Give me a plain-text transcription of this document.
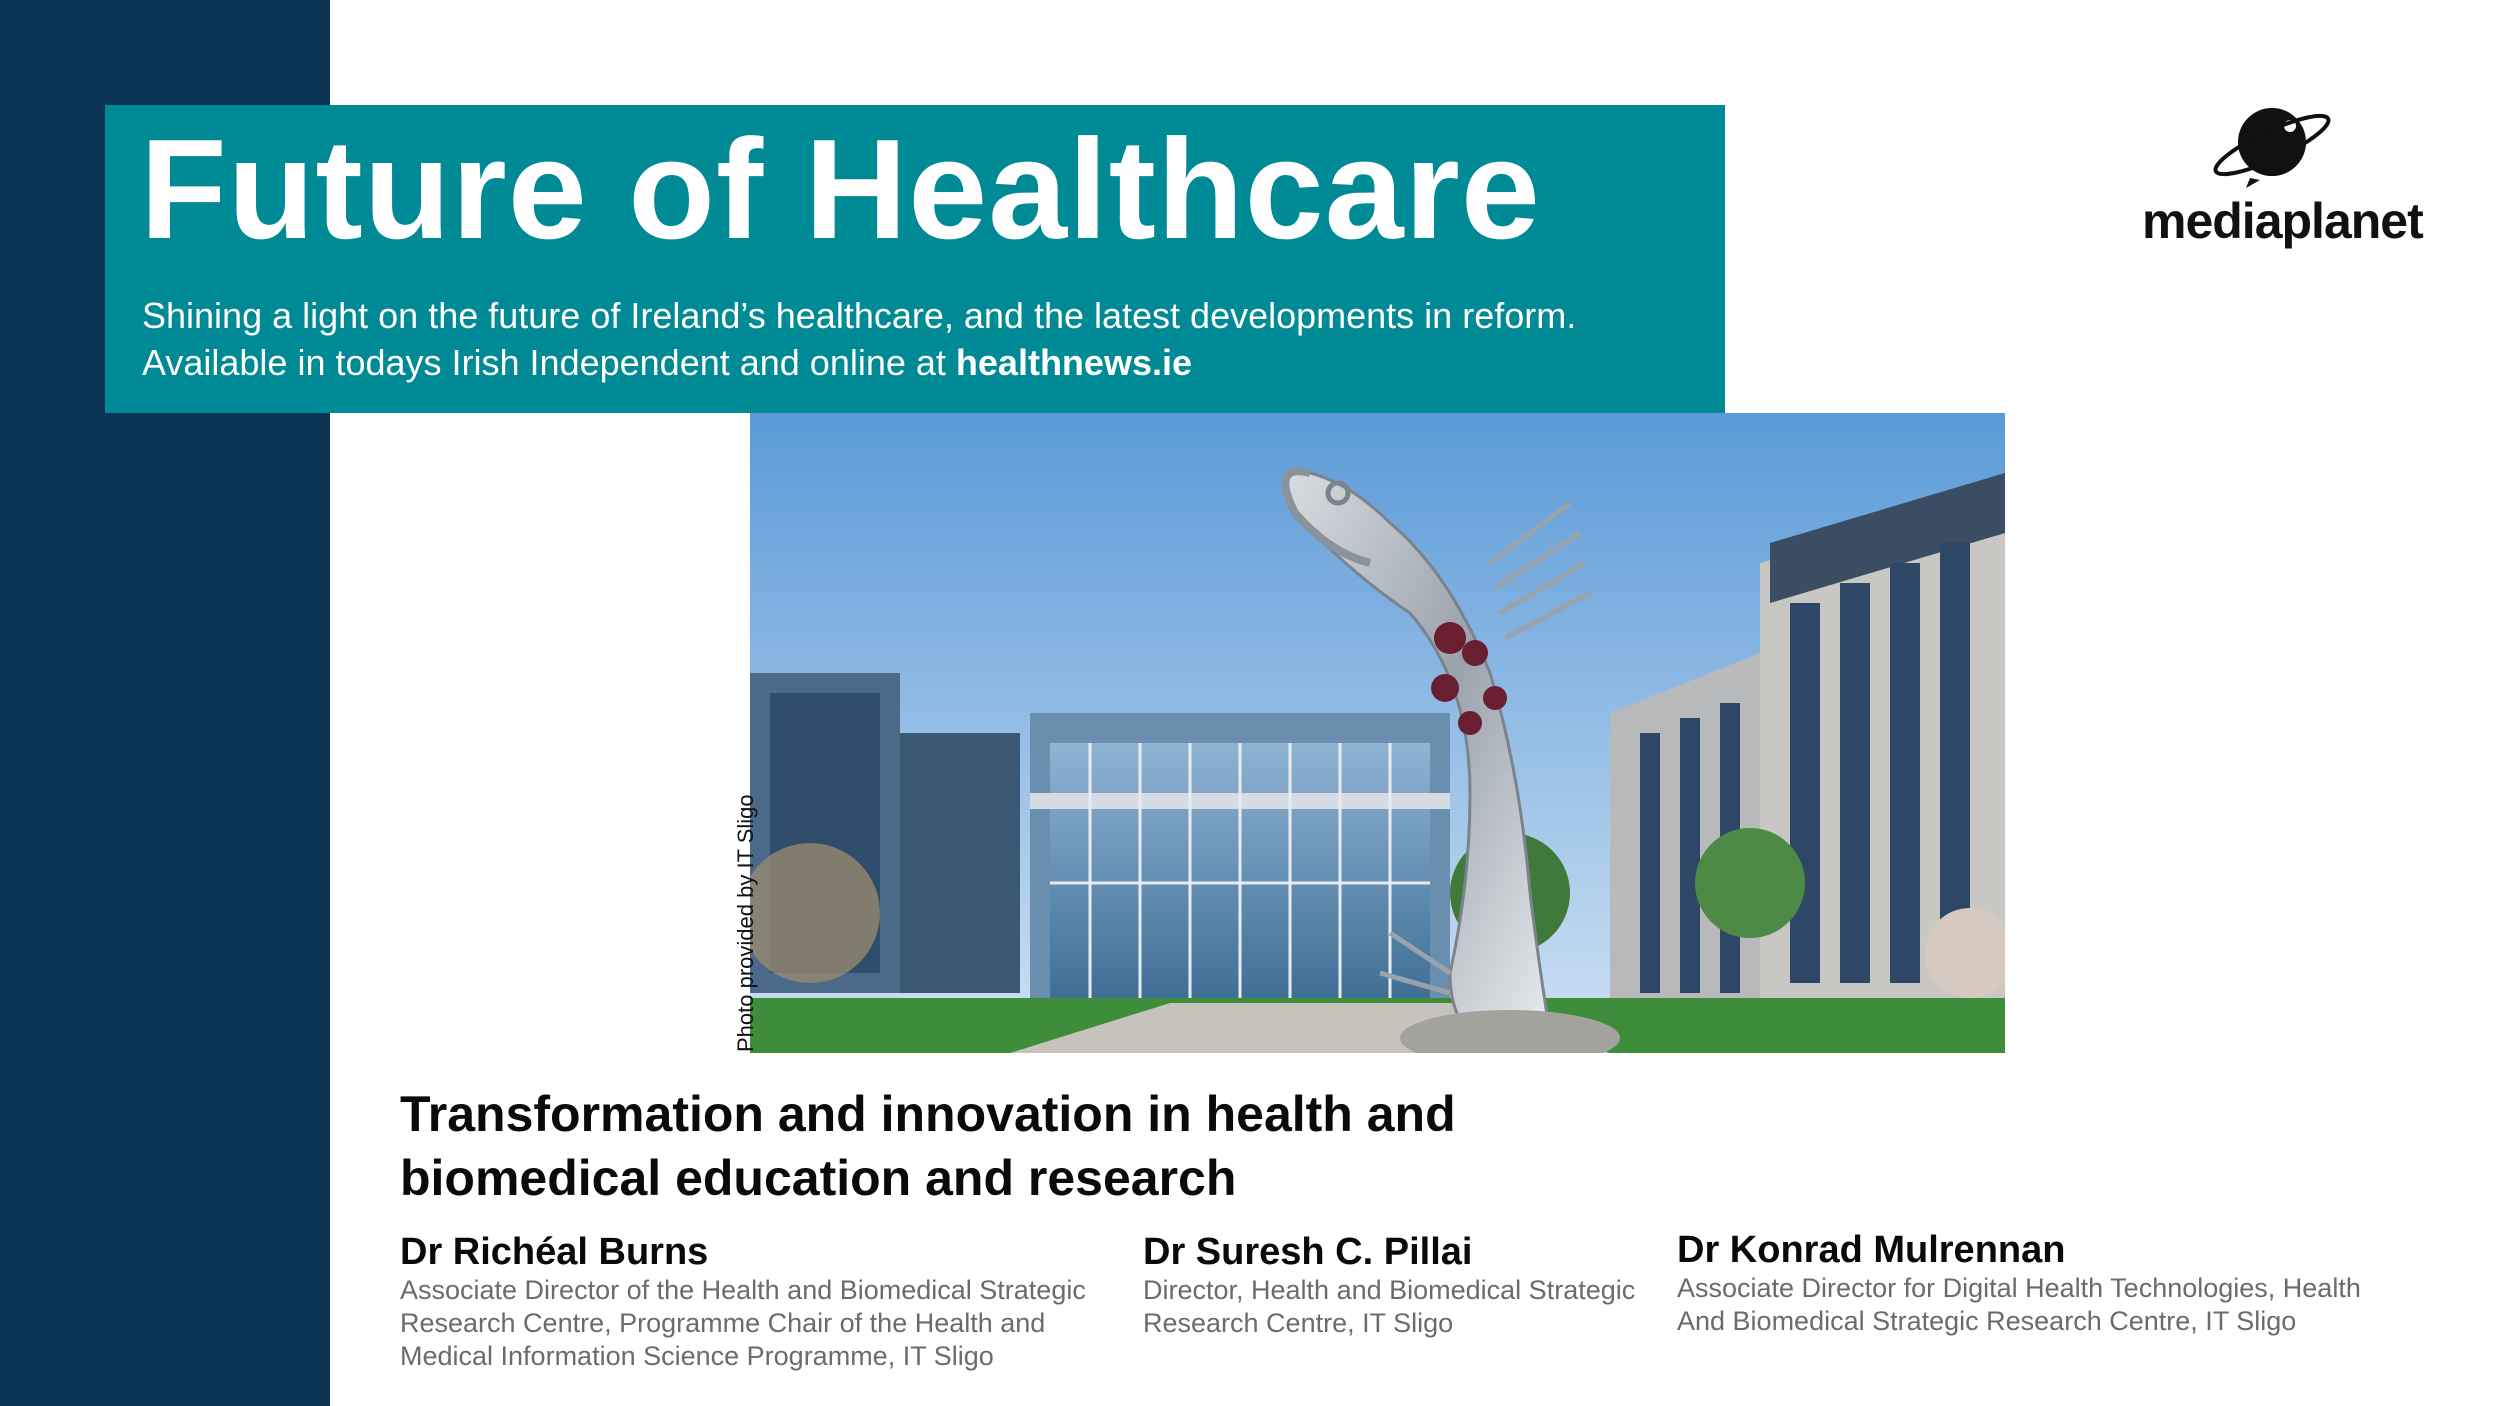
Future of Healthcare
Shining a light on the future of Ireland’s healthcare, and the latest developments in reform.
Available in todays Irish Independent and online at healthnews.ie
mediaplanet
Photo provided by IT Sligo
Transformation and innovation in health and
biomedical education and research
Dr Richéal Burns
Associate Director of the Health and Biomedical Strategic
Research Centre, Programme Chair of the Health and
Medical Information Science Programme, IT Sligo
Dr Suresh C. Pillai
Director, Health and Biomedical Strategic
Research Centre, IT Sligo
Dr Konrad Mulrennan
Associate Director for Digital Health Technologies, Health
And Biomedical Strategic Research Centre, IT Sligo
